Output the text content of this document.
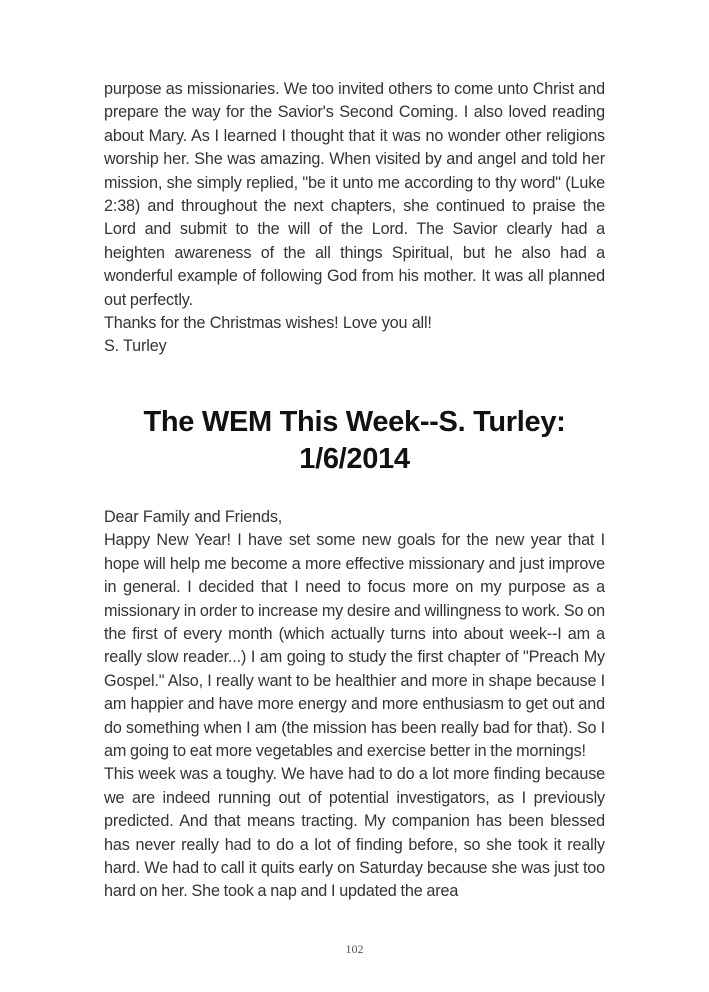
purpose as missionaries. We too invited others to come unto Christ and prepare the way for the Savior's Second Coming. I also loved reading about Mary. As I learned I thought that it was no wonder other religions worship her. She was amazing. When visited by and angel and told her mission, she simply replied, "be it unto me according to thy word" (Luke 2:38) and throughout the next chapters, she continued to praise the Lord and submit to the will of the Lord. The Savior clearly had a heighten awareness of the all things Spiritual, but he also had a wonderful example of following God from his mother. It was all planned out perfectly.

Thanks for the Christmas wishes! Love you all!

S. Turley

The WEM This Week--S. Turley:
1/6/2014

Dear Family and Friends,

Happy New Year! I have set some new goals for the new year that I hope will help me become a more effective missionary and just improve in general. I decided that I need to focus more on my purpose as a missionary in order to increase my desire and willingness to work. So on the first of every month (which actually turns into about week--I am a really slow reader...) I am going to study the first chapter of "Preach My Gospel." Also, I really want to be healthier and more in shape because I am happier and have more energy and more enthusiasm to get out and do something when I am (the mission has been really bad for that). So I am going to eat more vegetables and exercise better in the mornings!

This week was a toughy. We have had to do a lot more finding because we are indeed running out of potential investigators, as I previously predicted. And that means tracting. My companion has been blessed has never really had to do a lot of finding before, so she took it really hard. We had to call it quits early on Saturday because she was just too hard on her. She took a nap and I updated the area

102
